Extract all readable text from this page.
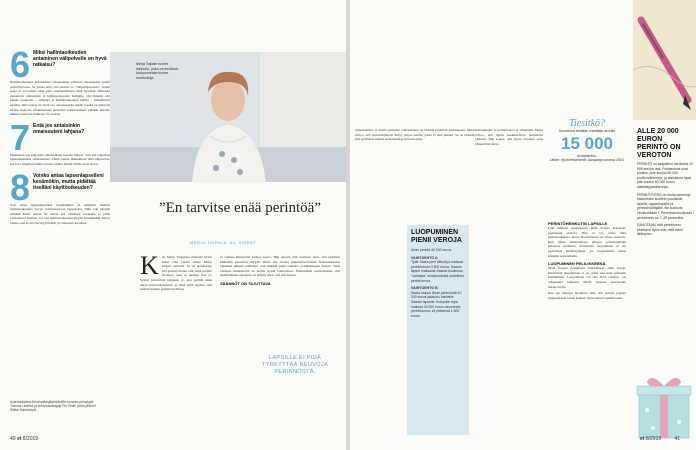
6 Miksi hallintaoikeuden antaminen välipolvelle on hyvä ratkaisu?
Hallintaoikeuden kirjaaminen omaisuuteen välisessä omaisuuden saajan perintöverossa. Se johtaa siitä, että perintö vs "väliperhperustus", koska saaja ei voi tehdä omin päin omaisuudelleen mitä hyvänsä. Oikeudet jakautuvat omistajalle ja hallintaoikeuden haltijalle. On tärkeää, että kaikki osapuolet – omistaja ja hallintaoikeuden haltija – ymmärtävät ennalta, mitä saavat tai eivät saa omaisuudella tehdä. Useita on järkevää kirjata muuvele muunnattuun perintöön hallintaoikeus jollekin muulle, kunnes nuori on vaikkapa 25-vuotias.
7 Entä jos antaisinkin omaisuuteni lahjana?
Elinaikaan saa lahjoittaa omaisuutaan kenelle haluaa. Voit siis lahjoittaa lapsenlapsellesi omaisuuttasi. Tämä joutuu maksamaan siitä lahjaveroa, jos arvo lahjalla kolmen vuoden sisällä ylittää 4 999 euron arvon.
8 Voinko antaa lapsenlapselleni kesämökin, mutta pidättää itselläni käyttöoikeuden?
Voit antaa lapsenlapsellesi kesämökkisi ja säilyttää itselläsi hallintaoikeuden forryn voimassaoloon kappaleksi. Näin voit käyttää mökkiä kuten haluat tai laittaa sen vaikkapa vuokralle ja pitää vuokratulot itselläsi. Jos teet hallintaoikeuden myydä kesämökkiä. Oleva varma, että se tarvitse myytäväksi ja viimeinen kuolleen.
Asiantuntijoina tienvimattanjärjestävälle kurssien perustajat Tuomas Lindfors ja erikoisasianajaja Pia Teide, jonka jälkeen Riikka Salmenkylä.
Merja Taipale tuntee lakiputki, jotka perinnöissä kaupunneista tuntee muotoiltuja.
”En tarvitse enää perintöä”
MERJA TAIPALE, 64, VIRRAT
K on Merja Taipaleen mielestä hyvin kaksi viisi vuotta sitten. Merja kaipasi perintöä. Se oli ajatuksena, että perintö menee sitä, mitä perintö tarvitsee, kun ei tarvitse itse jo. Syystä perinnöstä kirjataan jo, kun perintö tulee tietyn käyttöoikeudesta, ja tämä pitää lapsille, että perintö kuuluu perintöverollinen.
ta vanhaa kiinteistöä kaukaa kotoa. Hän tajuasi, että tarvitsen tuon, että nykyisin kiinteistö kannattaa myydä, mutta sen vuoksi kiinteistöverotusta. Rakennuksessa olemisen jälkeen päättänyt, että mökkiä pitää vanhalla perintökaupan kanssa. Siksi vanhaan kiinteistöön on kolme hyvää vaihtoehtoa. Esimerkiksi perintöasiaan, että ensimmäinen omaisuus on pidetty siten, että ensi kertaa.
SÄÄNNÖT ON TAJUTTAVA
LAPSILLE EI PIDÄ TYRKYTTÄÄ NEUVOJA PERINNÖSTÄ.
40 et 8/2019
rinnettomista, ja itsellä perinnön omistaminen on tärkeää perinnön jakamisessa. Merja kertoo, että perinnönjakoon liittyy paljon asioita, joista ei aina puhuta. Se on tärkeää, että perillisten kanssa keskustellaan hyvissä ajoin.
LUOPUMINEN PIENII VEROJA
Arian perintö 40 000 euroa.
VAIHTOEHTO A
Tytär Saara perii äitinsä ja maksaa perintöveroa 3 500 euroa. Saaran lapset maksavat Saaran kuollessa "samasta" omaisuudesta uudelleen perintöveroa.
VAIHTOEHTO B
Saara luopuu Arian perinnöstä 40 000 euroa jakautuu kahdelle Saaran lapselle. Kumpikin lapsi maksaa 30 000 euron osuudesta perintöveroa, eli yhteensä 1 600 euroa.
kohtuullisina ja perintöveroa ei vältyttäisi. Merja toivoo, että lapset keskustelevat perinnöstä yhdessä. Hän kokee, että hyvin hoidetut asiat vähentävät riitoja.
Tiesitkö?
Suomessa tehdään vuosittain arviolta
15 000
testamenttia.
Lähde: Hyvä testamentti -kampanja vuonna 2016.
PERINTÖHEMKUTIN LAPSILLE
Lain mukaan kuolinpesän pitää luopua kokonaan perinnöstä ehdotta. Hän ei voi valita mitä perintöosuuksia, mutta luopumisesta on oltava esteetön. Kun ilman jakautumisen jälkeen perinnönjättäjä palauttaa perinnön. Perinnöstä luopuminen ei ole perinnöstä kieltäytymistä, jos luopumiselle sanaa kaikkiin perinnöksiin.
LUOPUMINEN PELILIKKEENÄ
Moni luopuu perinnöstä välttääkseen omia veloja. Perinnöstä luopuminen ei ole sama asia kuin perinnön kieltäminen. Luopuminen voi olla hyvä ratkaisu, jos omaisuutta halutaan siirtää suoraan seuraavalle sukupolvelle.
Kun nyt haluaisi huolehtia siitä, että perintö jaetaan tasapuolisesti lasten kesken, myös silloin lapsille tasan.
ALLE 20 000 EURON PERINTÖ ON VEROTON
PERINTÖ on saajalleen verotonta 19 999 euroon asti. Poikkeuksia ovat puoliso, jolle kuuluu 90 000 puolisovähennys, ja alaikäinen lapsi, jolle kuuluu 60 000 euron alaikäisyysvähennys.
PERINTÖVERO on muita pienempi esimerkiksi kuolleen puolisolle, lapsille, lapsenlapsille ja perinnönjättäjälle. Ne kuuluvat veroluokkaan I. Perintöveroluokkaan I perintövero on 7–19 prosenttia.
SANOTAAN, että perintövero pidettävä hyvin sille, että toimii lähimpien.
et 8/2019	41
